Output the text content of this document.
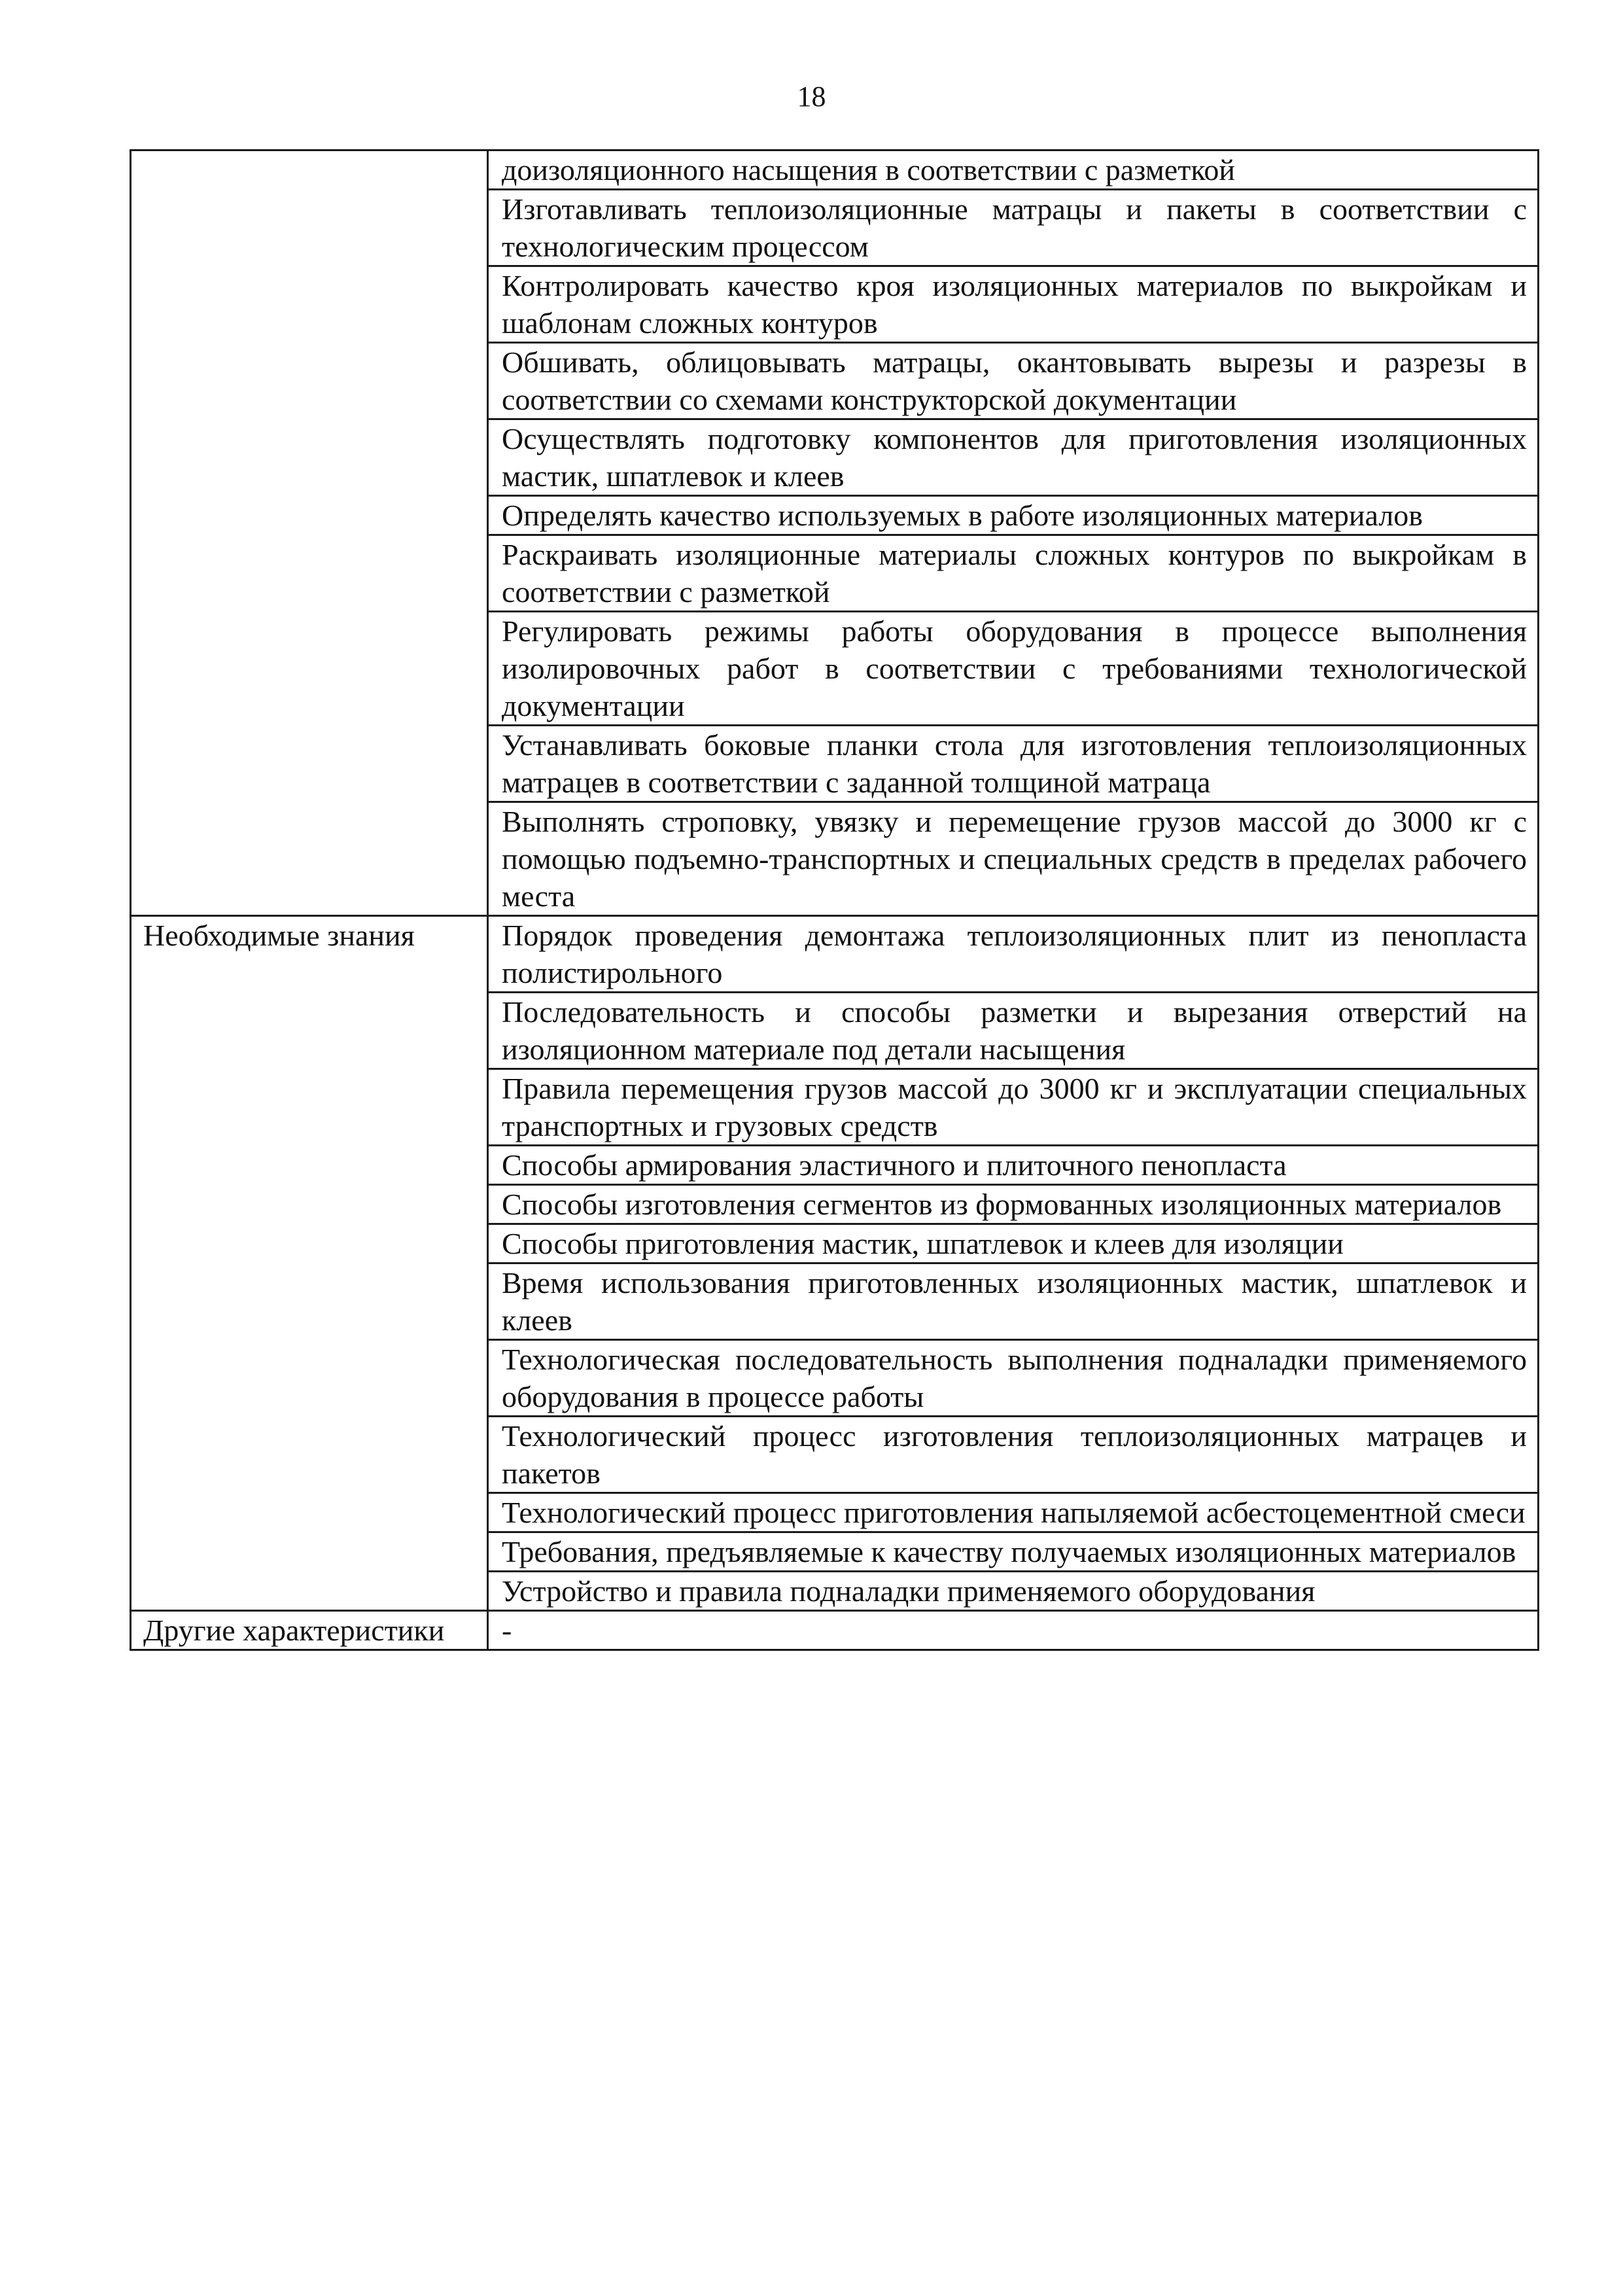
18
	доизоляционного насыщения в соответствии с разметкой
	Изготавливать теплоизоляционные матрацы и пакеты в соответствии с технологическим процессом
	Контролировать качество кроя изоляционных материалов по выкройкам и шаблонам сложных контуров
	Обшивать, облицовывать матрацы, окантовывать вырезы и разрезы в соответствии со схемами конструкторской документации
	Осуществлять подготовку компонентов для приготовления изоляционных мастик, шпатлевок и клеев
	Определять качество используемых в работе изоляционных материалов
	Раскраивать изоляционные материалы сложных контуров по выкройкам в соответствии с разметкой
	Регулировать режимы работы оборудования в процессе выполнения изолировочных работ в соответствии с требованиями технологической документации
	Устанавливать боковые планки стола для изготовления теплоизоляционных матрацев в соответствии с заданной толщиной матраца
	Выполнять строповку, увязку и перемещение грузов массой до 3000 кг с помощью подъемно-транспортных и специальных средств в пределах рабочего места
Необходимые знания	Порядок проведения демонтажа теплоизоляционных плит из пенопласта полистирольного
	Последовательность и способы разметки и вырезания отверстий на изоляционном материале под детали насыщения
	Правила перемещения грузов массой до 3000 кг и эксплуатации специальных транспортных и грузовых средств
	Способы армирования эластичного и плиточного пенопласта
	Способы изготовления сегментов из формованных изоляционных материалов
	Способы приготовления мастик, шпатлевок и клеев для изоляции
	Время использования приготовленных изоляционных мастик, шпатлевок и клеев
	Технологическая последовательность выполнения подналадки применяемого оборудования в процессе работы
	Технологический процесс изготовления теплоизоляционных матрацев и пакетов
	Технологический процесс приготовления напыляемой асбестоцементной смеси
	Требования, предъявляемые к качеству получаемых изоляционных материалов
	Устройство и правила подналадки применяемого оборудования
Другие характеристики	-
